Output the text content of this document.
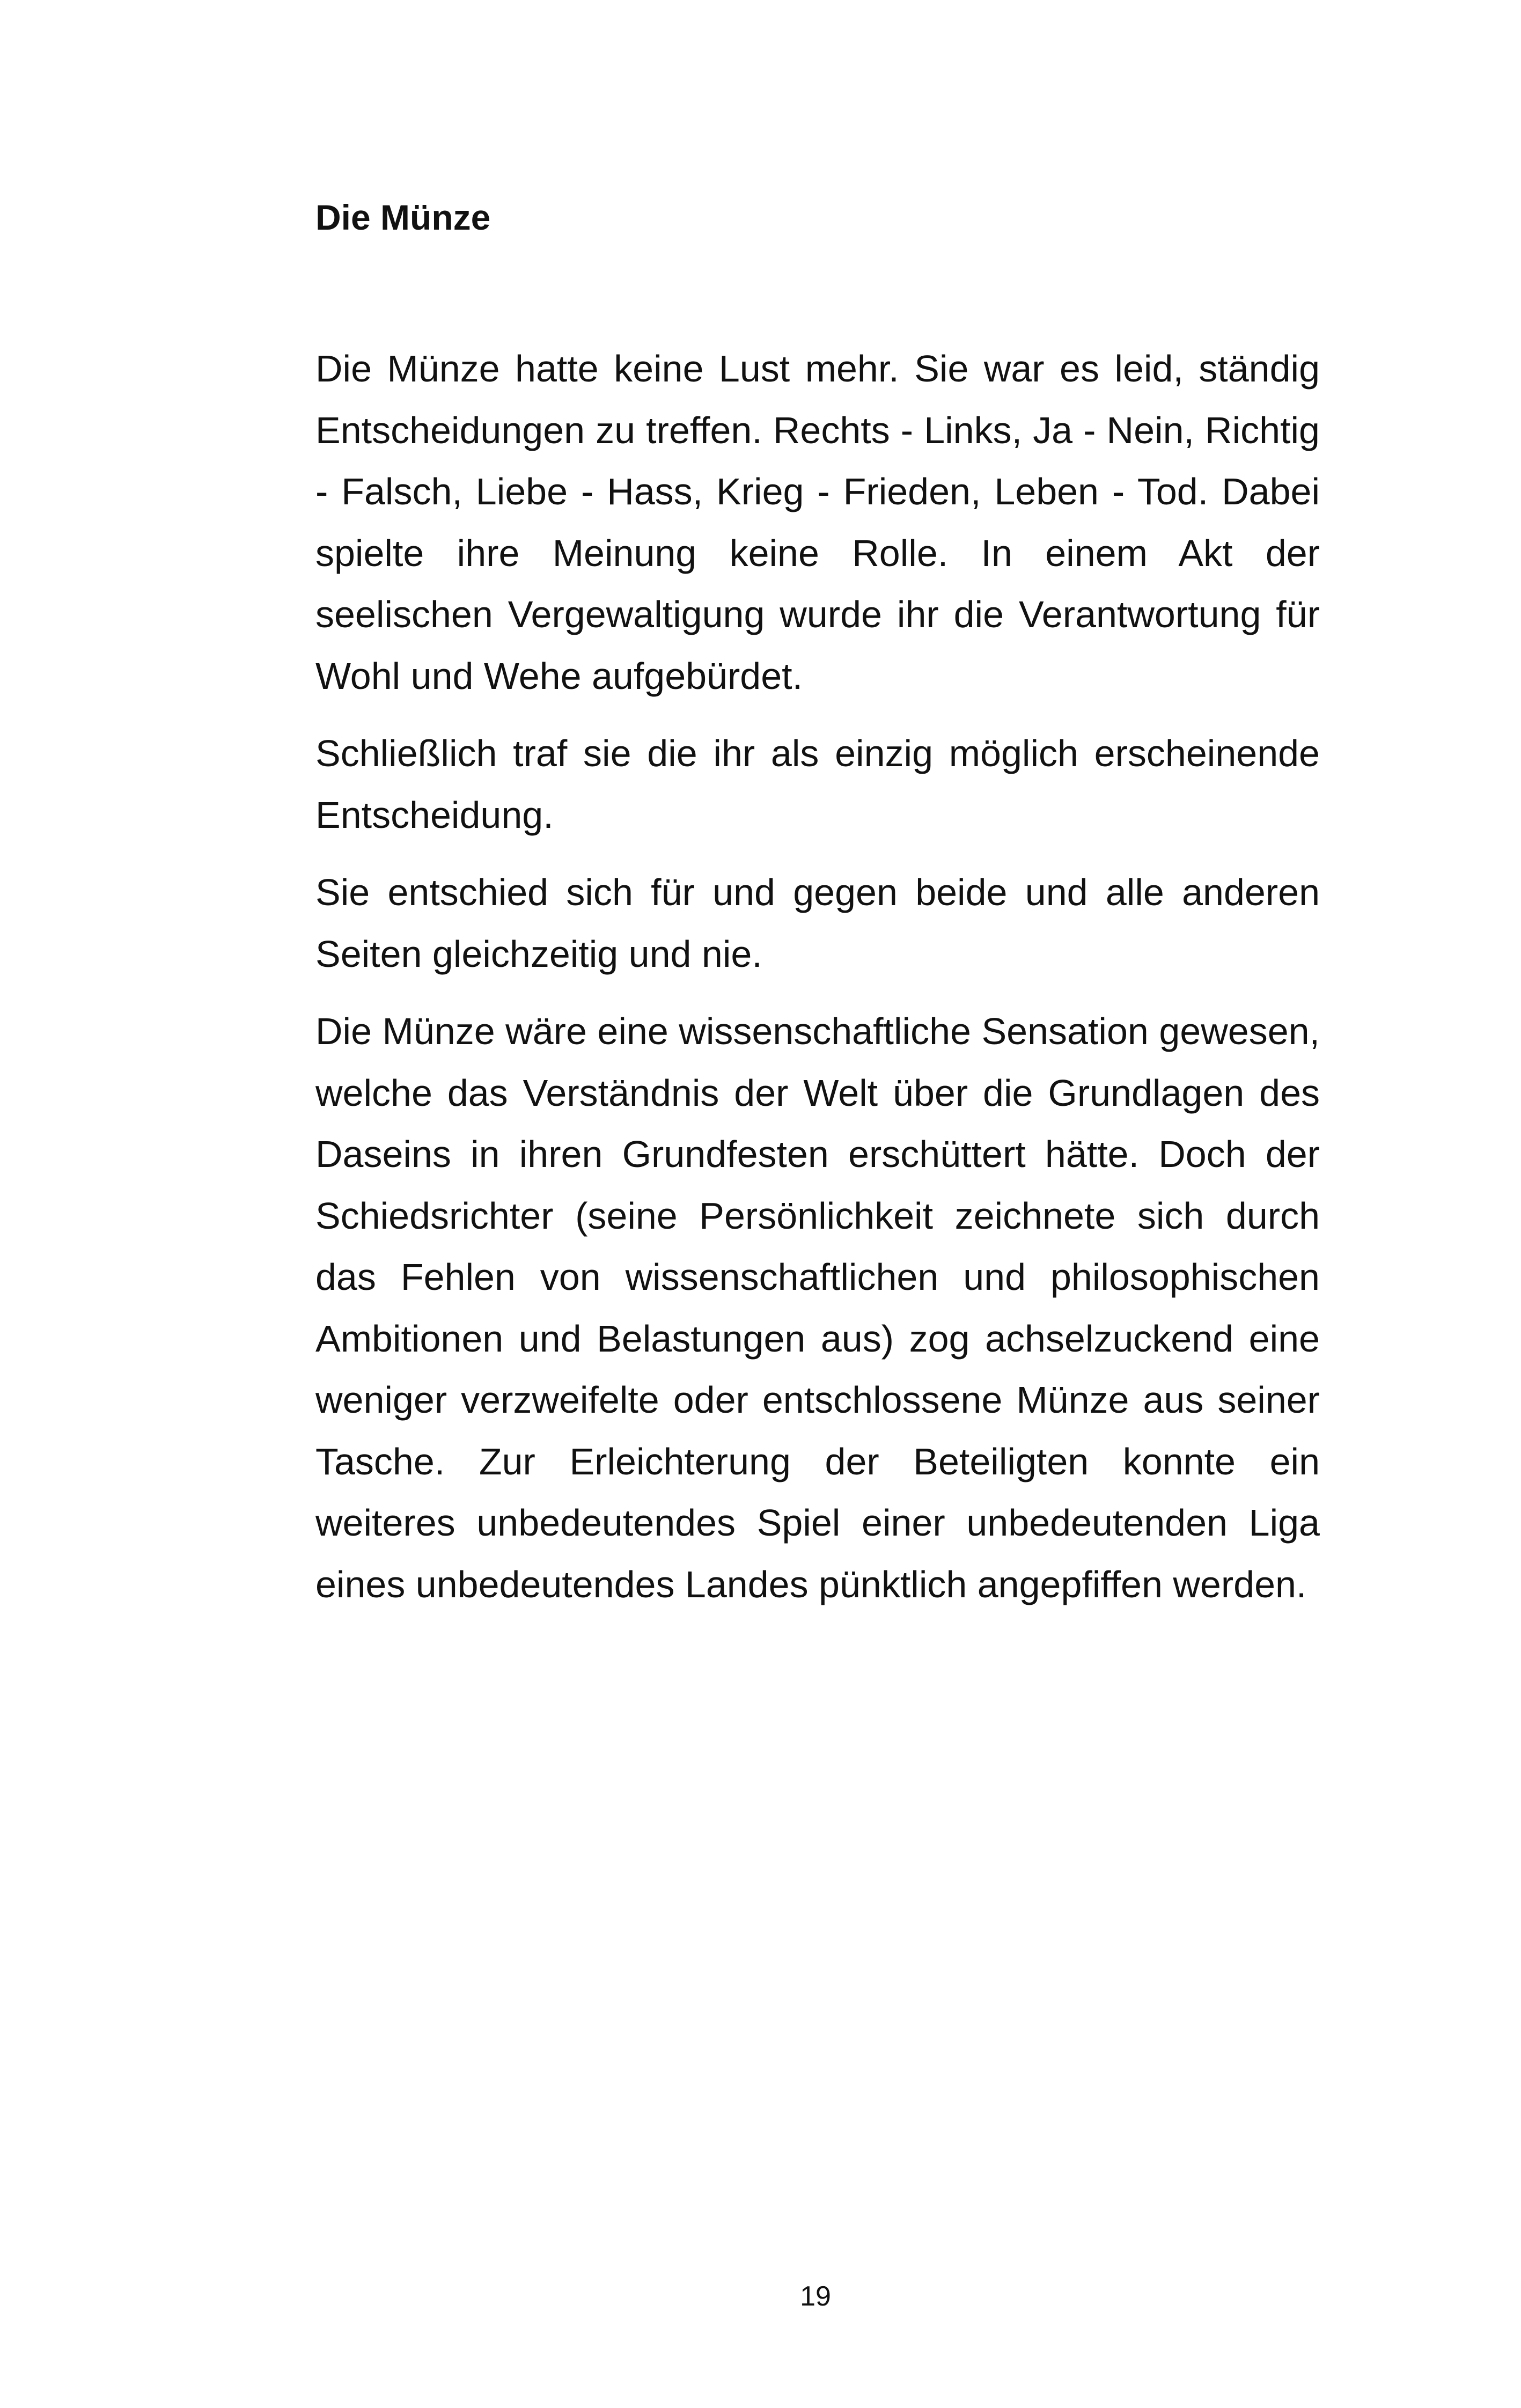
Die Münze

Die Münze hatte keine Lust mehr. Sie war es leid, ständig Entscheidungen zu treffen. Rechts - Links, Ja - Nein, Richtig - Falsch, Liebe - Hass, Krieg - Frieden, Leben - Tod. Dabei spielte ihre Meinung keine Rolle. In einem Akt der seelischen Vergewaltigung wurde ihr die Verantwortung für Wohl und Wehe aufgebürdet.

Schließlich traf sie die ihr als einzig möglich erscheinende Entscheidung.

Sie entschied sich für und gegen beide und alle anderen Seiten gleichzeitig und nie.

Die Münze wäre eine wissenschaftliche Sensation gewesen, welche das Verständnis der Welt über die Grundlagen des Daseins in ihren Grundfesten erschüttert hätte. Doch der Schiedsrichter (seine Persönlichkeit zeichnete sich durch das Fehlen von wissenschaftlichen und philosophischen Ambitionen und Belastungen aus) zog achselzuckend eine weniger verzweifelte oder entschlossene Münze aus seiner Tasche. Zur Erleichterung der Beteiligten konnte ein weiteres unbedeutendes Spiel einer unbedeutenden Liga eines unbedeutendes Landes pünktlich angepfiffen werden.

19
